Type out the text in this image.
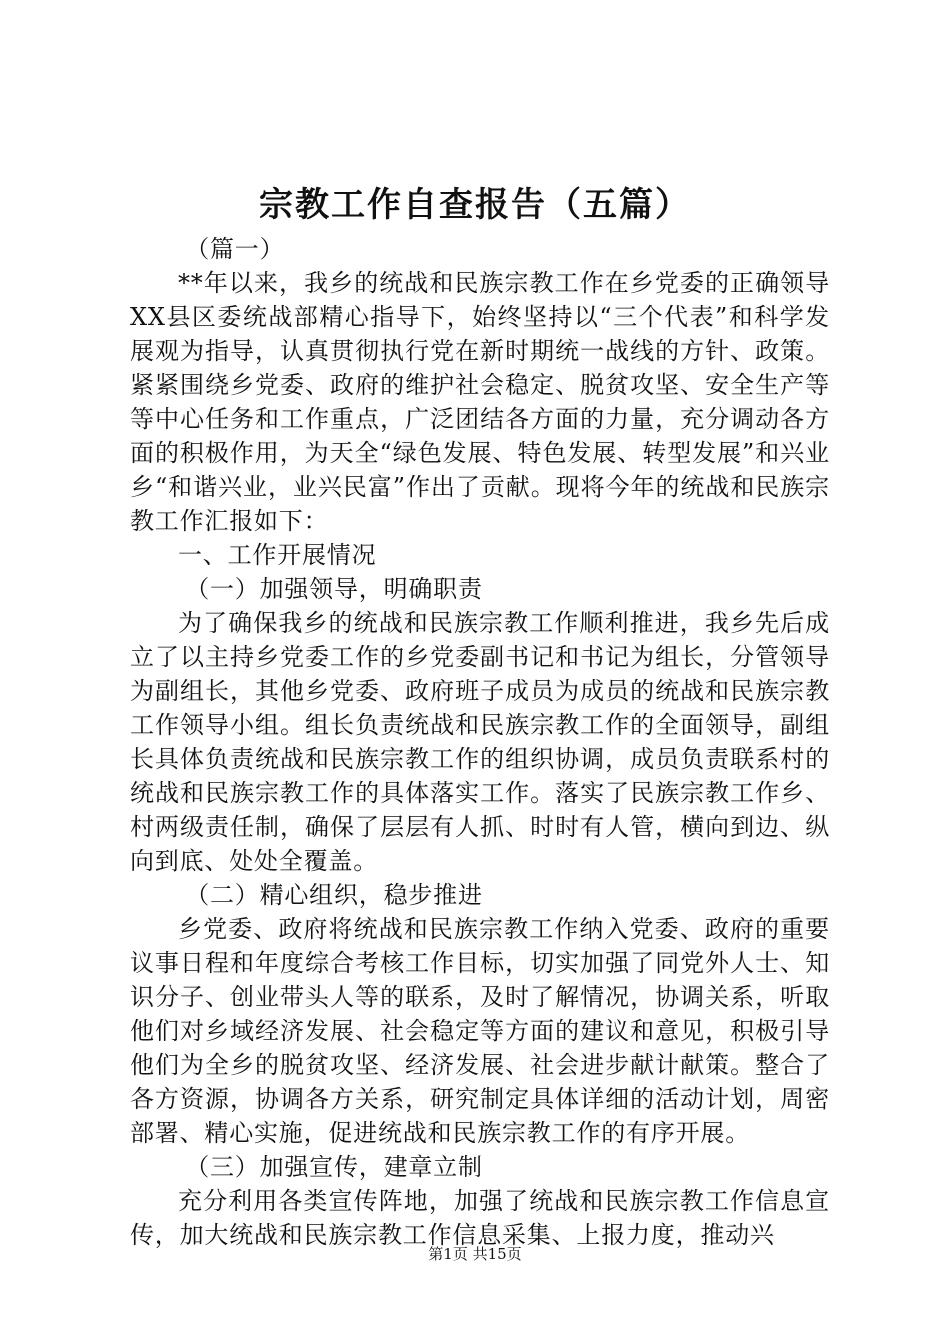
宗教工作自查报告（五篇）

（篇一）

**年以来，我乡的统战和民族宗教工作在乡党委的正确领导XX县区委统战部精心指导下，始终坚持以“三个代表”和科学发展观为指导，认真贯彻执行党在新时期统一战线的方针、政策。紧紧围绕乡党委、政府的维护社会稳定、脱贫攻坚、安全生产等等中心任务和工作重点，广泛团结各方面的力量，充分调动各方面的积极作用，为天全“绿色发展、特色发展、转型发展”和兴业乡“和谐兴业，业兴民富”作出了贡献。现将今年的统战和民族宗教工作汇报如下：

一、工作开展情况

（一）加强领导，明确职责

为了确保我乡的统战和民族宗教工作顺利推进，我乡先后成立了以主持乡党委工作的乡党委副书记和书记为组长，分管领导为副组长，其他乡党委、政府班子成员为成员的统战和民族宗教工作领导小组。组长负责统战和民族宗教工作的全面领导，副组长具体负责统战和民族宗教工作的组织协调，成员负责联系村的统战和民族宗教工作的具体落实工作。落实了民族宗教工作乡、村两级责任制，确保了层层有人抓、时时有人管，横向到边、纵向到底、处处全覆盖。

（二）精心组织，稳步推进

乡党委、政府将统战和民族宗教工作纳入党委、政府的重要议事日程和年度综合考核工作目标，切实加强了同党外人士、知识分子、创业带头人等的联系，及时了解情况，协调关系，听取他们对乡域经济发展、社会稳定等方面的建议和意见，积极引导他们为全乡的脱贫攻坚、经济发展、社会进步献计献策。整合了各方资源，协调各方关系，研究制定具体详细的活动计划，周密部署、精心实施，促进统战和民族宗教工作的有序开展。

（三）加强宣传，建章立制

充分利用各类宣传阵地，加强了统战和民族宗教工作信息宣传，加大统战和民族宗教工作信息采集、上报力度，推动兴

第1页 共15页
